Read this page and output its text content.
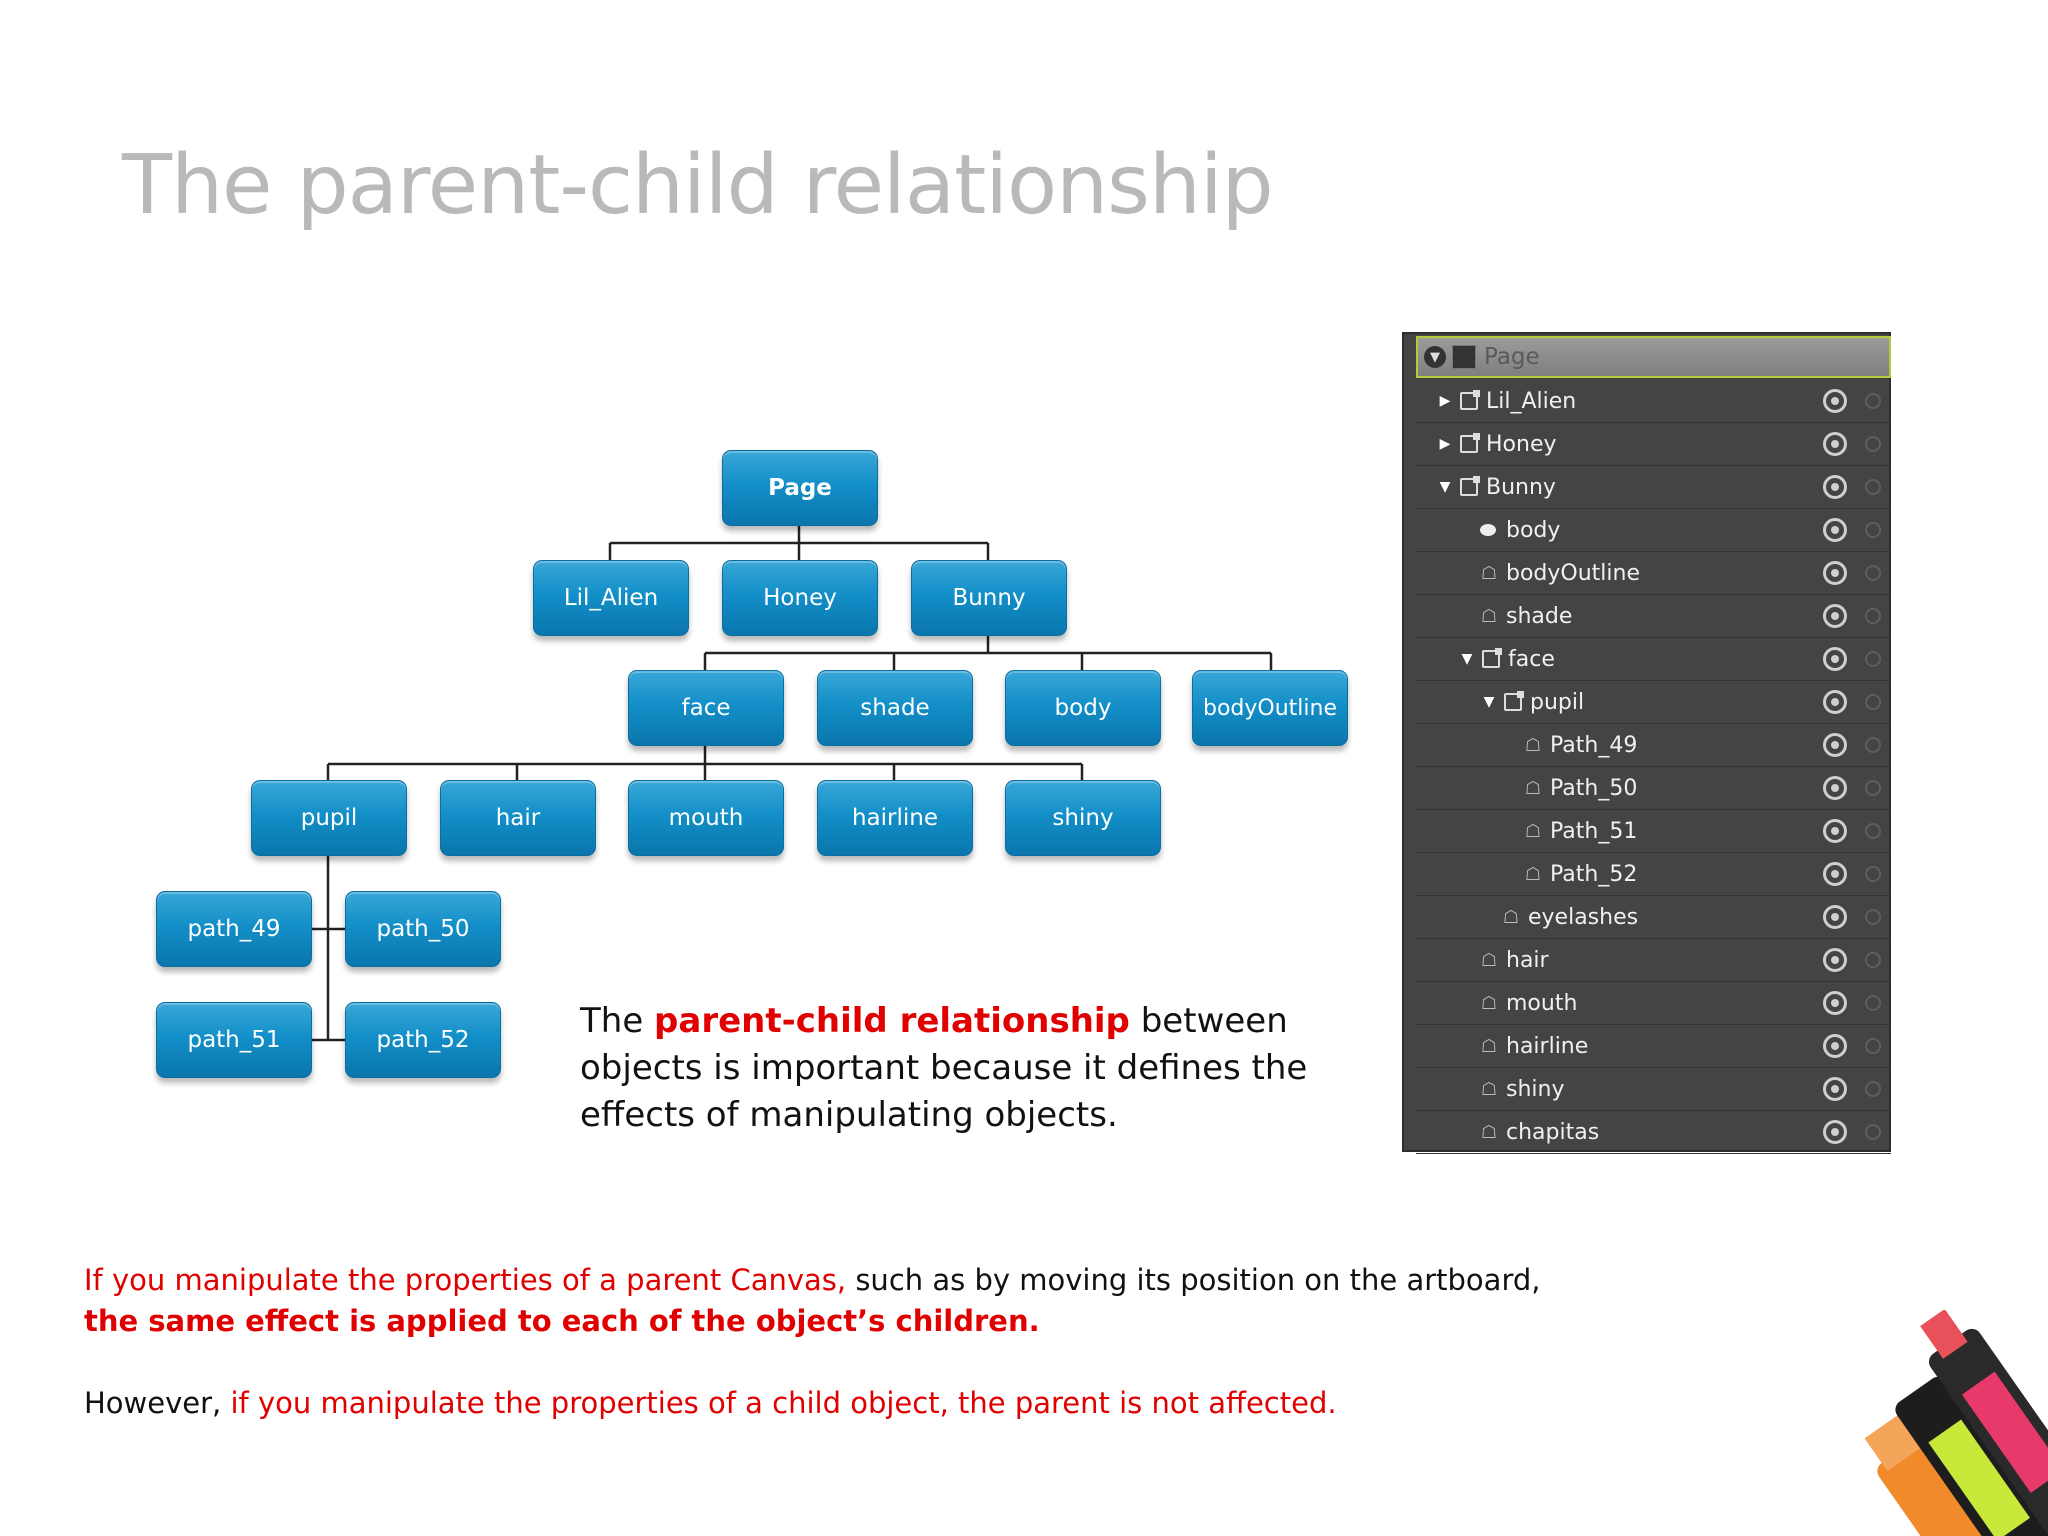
The parent-child relationship
Page
Lil_Alien	Honey	Bunny
face	shade	body	bodyOutline
pupil	hair	mouth	hairline	shiny
path_49	path_50
path_51	path_52	The parent-child relationship between objects is important because it defines the effects of manipulating objects.
▼ Page
▶ Lil_Alien
▶ Honey
▼ Bunny
body
☖ bodyOutline
☖ shade
▼ face
▼ pupil
☖ Path_49
☖ Path_50
☖ Path_51
☖ Path_52
☖ eyelashes
☖ hair
☖ mouth
☖ hairline
☖ shiny
☖ chapitas
If you manipulate the properties of a parent Canvas, such as by moving its position on the artboard,
the same effect is applied to each of the object’s children.
However, if you manipulate the properties of a child object, the parent is not affected.
